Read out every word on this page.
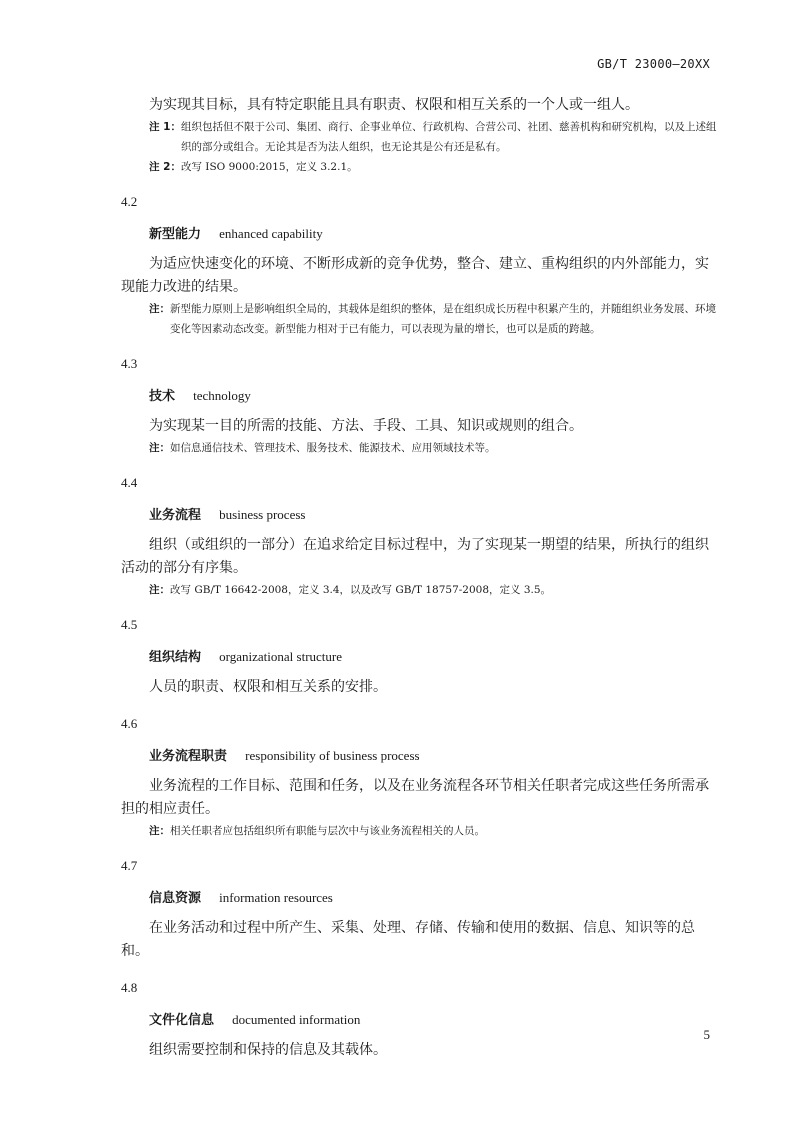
GB/T 23000—20XX

为实现其目标，具有特定职能且具有职责、权限和相互关系的一个人或一组人。

注 1： 组织包括但不限于公司、集团、商行、企事业单位、行政机构、合营公司、社团、慈善机构和研究机构，以及上述组织的部分或组合。无论其是否为法人组织，也无论其是公有还是私有。
注 2： 改写 ISO 9000:2015，定义 3.2.1。
4.2
新型能力 enhanced capability

为适应快速变化的环境、不断形成新的竞争优势，整合、建立、重构组织的内外部能力，实现能力改进的结果。

注： 新型能力原则上是影响组织全局的，其载体是组织的整体，是在组织成长历程中积累产生的，并随组织业务发展、环境变化等因素动态改变。新型能力相对于已有能力，可以表现为量的增长，也可以是质的跨越。
4.3
技术 technology

为实现某一目的所需的技能、方法、手段、工具、知识或规则的组合。

注： 如信息通信技术、管理技术、服务技术、能源技术、应用领域技术等。
4.4
业务流程 business process

组织（或组织的一部分）在追求给定目标过程中，为了实现某一期望的结果，所执行的组织活动的部分有序集。

注： 改写 GB/T 16642-2008，定义 3.4，以及改写 GB/T 18757-2008，定义 3.5。
4.5
组织结构 organizational structure

人员的职责、权限和相互关系的安排。

4.6
业务流程职责 responsibility of business process

业务流程的工作目标、范围和任务，以及在业务流程各环节相关任职者完成这些任务所需承担的相应责任。

注： 相关任职者应包括组织所有职能与层次中与该业务流程相关的人员。
4.7
信息资源 information resources

在业务活动和过程中所产生、采集、处理、存储、传输和使用的数据、信息、知识等的总和。

4.8
文件化信息 documented information

组织需要控制和保持的信息及其载体。

5
